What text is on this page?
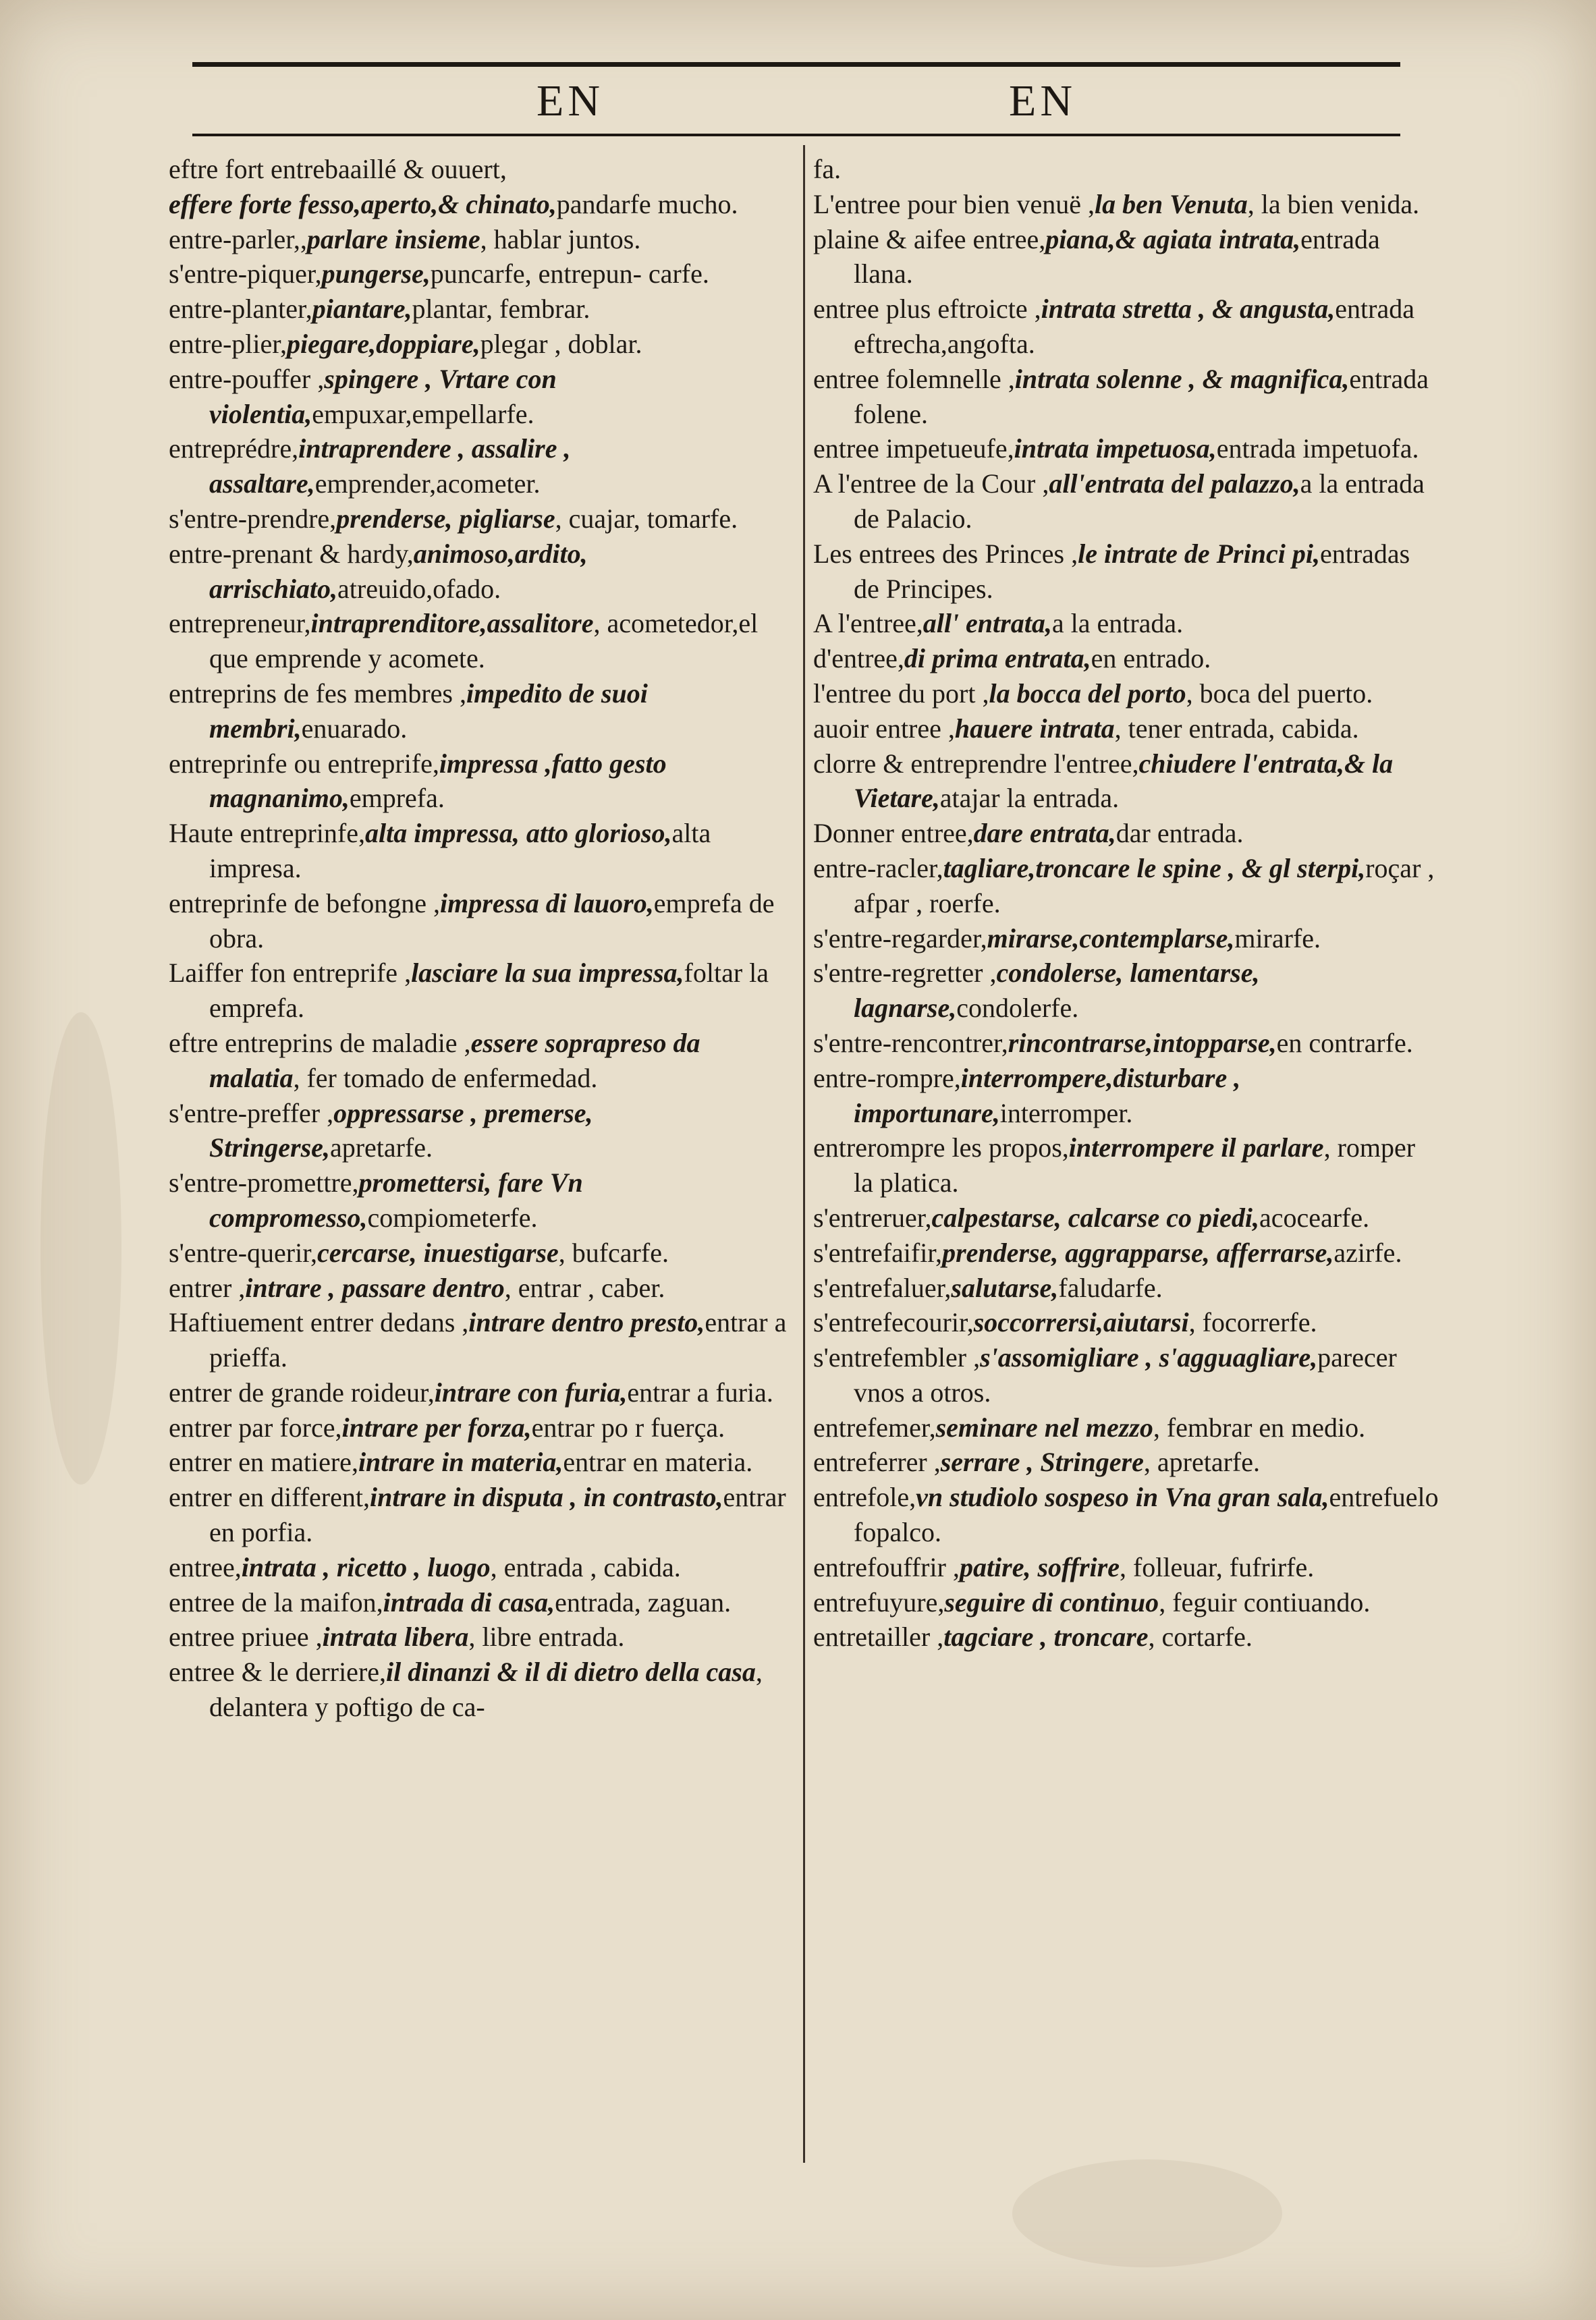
EN	EN

eftre fort entrebaaillé & ouuert,

effere forte fesso,aperto,& chinato,pandarfe mucho.

entre-parler,,parlare insieme, hablar juntos.

s'entre-piquer,pungerse,puncarfe, entrepun- carfe.

entre-planter,piantare,plantar, fembrar.

entre-plier,piegare,doppiare,plegar , doblar.

entre-pouffer ,spingere , Vrtare con violentia,empuxar,empellarfe.

entreprédre,intraprendere , assalire , assaltare,emprender,acometer.

s'entre-prendre,prenderse, pigliarse, cuajar, tomarfe.

entre-prenant & hardy,animoso,ardito, arrischiato,atreuido,ofado.

entrepreneur,intraprenditore,assalitore, acometedor,el que emprende y acomete.

entreprins de fes membres ,impedito de suoi membri,enuarado.

entreprinfe ou entreprife,impressa ,fatto gesto magnanimo,emprefa.

Haute entreprinfe,alta impressa, atto glorioso,alta impresa.

entreprinfe de befongne ,impressa di lauoro,emprefa de obra.

Laiffer fon entreprife ,lasciare la sua impressa,foltar la emprefa.

eftre entreprins de maladie ,essere soprapreso da malatia, fer tomado de enfermedad.

s'entre-preffer ,oppressarse , premerse, Stringerse,apretarfe.

s'entre-promettre,promettersi, fare Vn compromesso,compiometerfe.

s'entre-querir,cercarse, inuestigarse, bufcarfe.

entrer ,intrare , passare dentro, entrar , caber.

Haftiuement entrer dedans ,intrare dentro presto,entrar a prieffa.

entrer de grande roideur,intrare con furia,entrar a furia.

entrer par force,intrare per forza,entrar po r fuerça.

entrer en matiere,intrare in materia,entrar en materia.

entrer en different,intrare in disputa , in contrasto,entrar en porfia.

entree,intrata , ricetto , luogo, entrada , cabida.

entree de la maifon,intrada di casa,entrada, zaguan.

entree priuee ,intrata libera, libre entrada.

entree & le derriere,il dinanzi & il di dietro della casa, delantera y poftigo de ca-

fa.

L'entree pour bien venuë ,la ben Venuta, la bien venida.

plaine & aifee entree,piana,& agiata intrata,entrada llana.

entree plus eftroicte ,intrata stretta , & angusta,entrada eftrecha,angofta.

entree folemnelle ,intrata solenne , & magnifica,entrada folene.

entree impetueufe,intrata impetuosa,entrada impetuofa.

A l'entree de la Cour ,all'entrata del palazzo,a la entrada de Palacio.

Les entrees des Princes ,le intrate de Princi pi,entradas de Principes.

A l'entree,all' entrata,a la entrada.

d'entree,di prima entrata,en entrado.

l'entree du port ,la bocca del porto, boca del puerto.

auoir entree ,hauere intrata, tener entrada, cabida.

clorre & entreprendre l'entree,chiudere l'entrata,& la Vietare,atajar la entrada.

Donner entree,dare entrata,dar entrada.

entre-racler,tagliare,troncare le spine , & gl sterpi,roçar , afpar , roerfe.

s'entre-regarder,mirarse,contemplarse,mirarfe.

s'entre-regretter ,condolerse, lamentarse, lagnarse,condolerfe.

s'entre-rencontrer,rincontrarse,intopparse,en contrarfe.

entre-rompre,interrompere,disturbare , importunare,interromper.

entrerompre les propos,interrompere il parlare, romper la platica.

s'entreruer,calpestarse, calcarse co piedi,acocearfe.

s'entrefaifir,prenderse, aggrapparse, afferrarse,azirfe.

s'entrefaluer,salutarse,faludarfe.

s'entrefecourir,soccorrersi,aiutarsi, focorrerfe.

s'entrefembler ,s'assomigliare , s'agguagliare,parecer vnos a otros.

entrefemer,seminare nel mezzo, fembrar en medio.

entreferrer ,serrare , Stringere, apretarfe.

entrefole,vn studiolo sospeso in Vna gran sala,entrefuelo fopalco.

entrefouffrir ,patire, soffrire, folleuar, fufrirfe.

entrefuyure,seguire di continuo, feguir contiuando.

entretailler ,tagciare , troncare, cortarfe.
